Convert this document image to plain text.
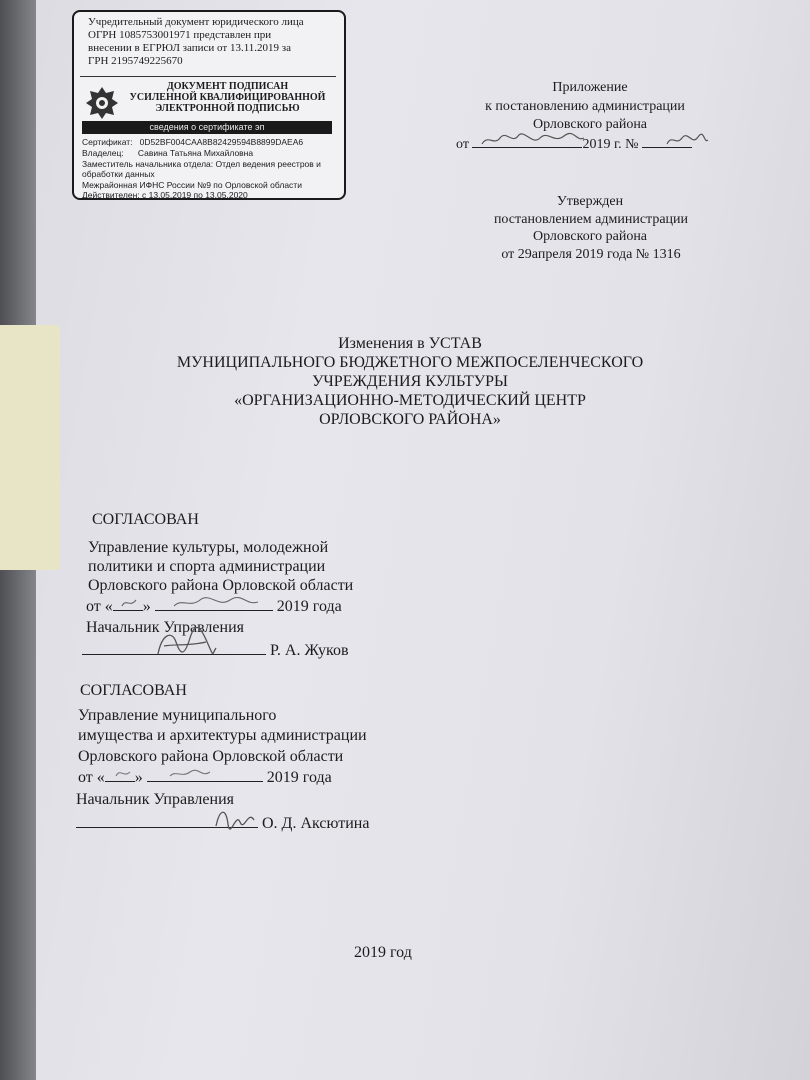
Учредительный документ юридического лица
ОГРН 1085753001971 представлен при
внесении в ЕГРЮЛ записи от 13.11.2019 за
ГРН 2195749225670
ДОКУМЕНТ ПОДПИСАН
УСИЛЕННОЙ КВАЛИФИЦИРОВАННОЙ
ЭЛЕКТРОННОЙ ПОДПИСЬЮ
сведения о сертификате эп
Сертификат: 0D52BF004CAA8B82429594B8899DAEA6
Владелец: Савина Татьяна Михайловна
Заместитель начальника отдела: Отдел ведения реестров и
обработки данных
Межрайонная ИФНС России №9 по Орловской области
Действителен: с 13.05.2019 по 13.05.2020
Приложение
к постановлению администрации
Орловского района
от	2019 г. №
Утвержден
постановлением администрации
Орловского района
от 29апреля 2019 года № 1316
Изменения в УСТАВ
МУНИЦИПАЛЬНОГО БЮДЖЕТНОГО МЕЖПОСЕЛЕНЧЕСКОГО
УЧРЕЖДЕНИЯ КУЛЬТУРЫ
«ОРГАНИЗАЦИОННО-МЕТОДИЧЕСКИЙ ЦЕНТР
ОРЛОВСКОГО РАЙОНА»
СОГЛАСОВАН
Управление культуры, молодежной
политики и спорта администрации
Орловского района Орловской области
от « »	2019 года
Начальник Управления
Р. А. Жуков
СОГЛАСОВАН
Управление муниципального
имущества и архитектуры администрации
Орловского района Орловской области
от « »	2019 года
Начальник Управления
О. Д. Аксютина
2019 год
